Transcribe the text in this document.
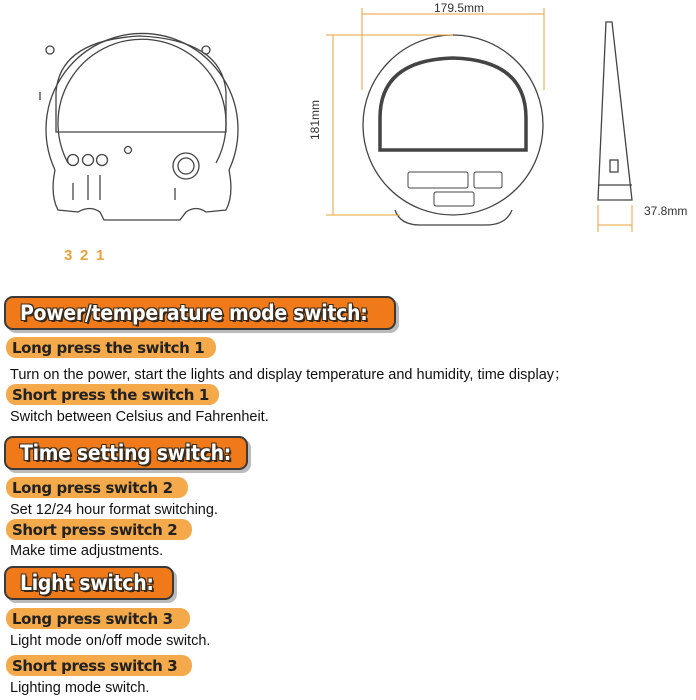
179.5mm
181mm
37.8mm
3 2 1
Power/temperature mode switch:
Long press the switch 1
Turn on the power, start the lights and display temperature and humidity, time display；
Short press the switch 1
Switch between Celsius and Fahrenheit.
Time setting switch:
Long press switch 2
Set 12/24 hour format switching.
Short press switch 2
Make time adjustments.
Light switch:
Long press switch 3
Light mode on/off mode switch.
Short press switch 3
Lighting mode switch.
